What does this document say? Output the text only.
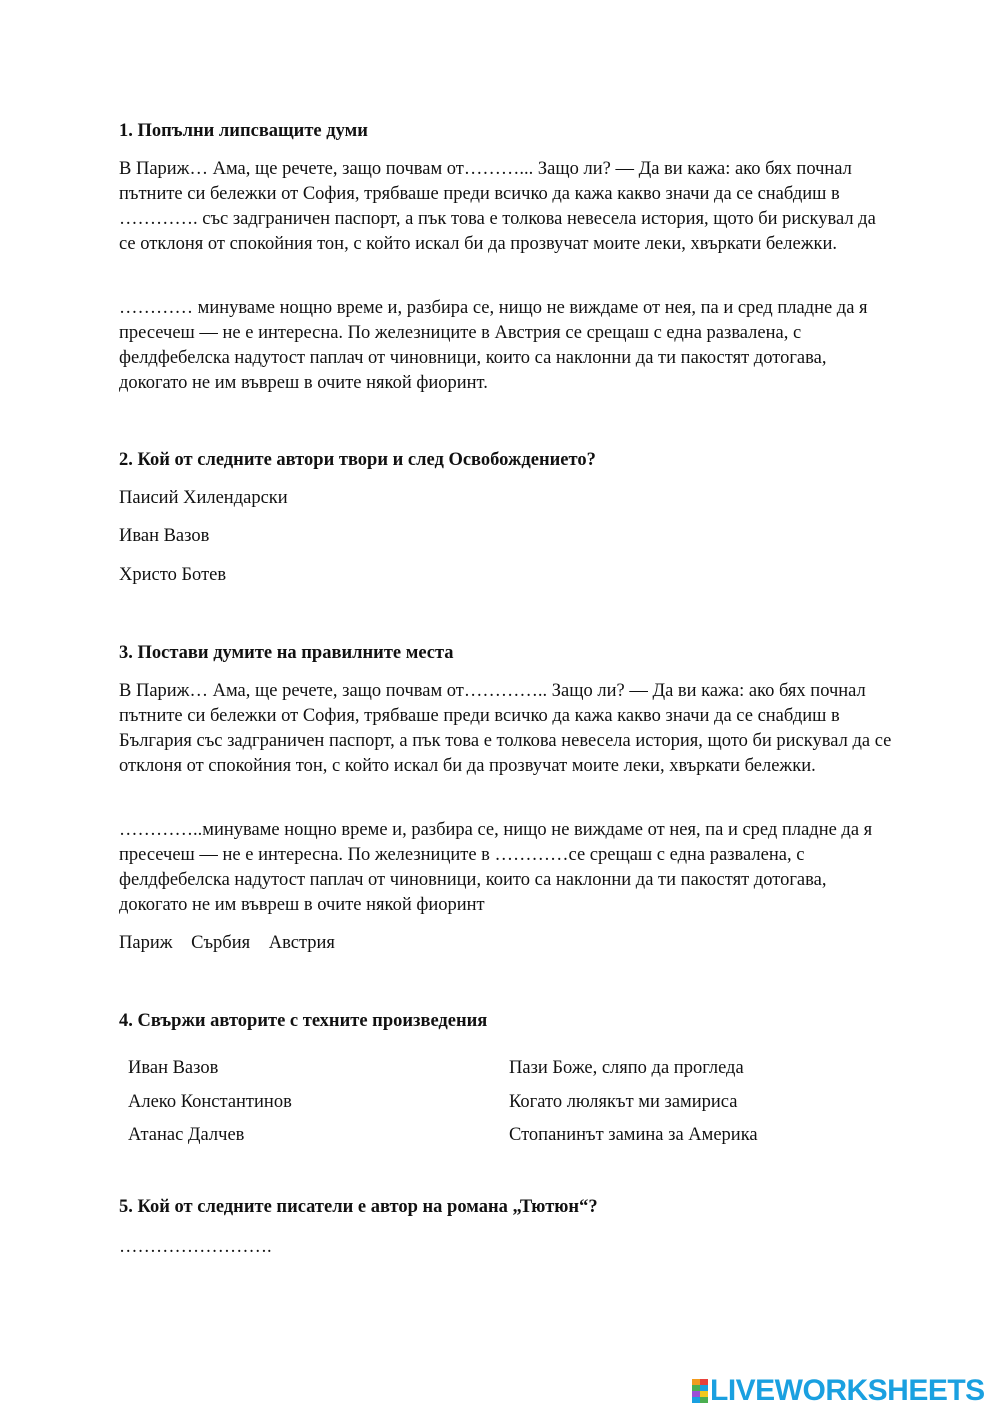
1. Попълни липсващите думи

В Париж… Ама, ще речете, защо почвам от………... Защо ли? — Да ви кажа: ако бях почнал пътните си бележки от София, трябваше преди всичко да кажа какво значи да се снабдиш в …………. със задграничен паспорт, а пък това е толкова невесела история, щото би рискувал да се отклоня от спокойния тон, с който искал би да прозвучат моите леки, хвъркати бележки.

………… минуваме нощно време и, разбира се, нищо не виждаме от нея, па и сред пладне да я пресечеш — не е интересна. По железниците в Австрия се срещаш с една развалена, с фелдфебелска надутост паплач от чиновници, които са наклонни да ти пакостят дотогава, докогато не им въвреш в очите някой фиоринт.

2. Кой от следните автори твори и след Освобождението?
Паисий Хилендарски
Иван Вазов
Христо Ботев
3. Постави думите на правилните места

В Париж… Ама, ще речете, защо почвам от………….. Защо ли? — Да ви кажа: ако бях почнал пътните си бележки от София, трябваше преди всичко да кажа какво значи да се снабдиш в България със задграничен паспорт, а пък това е толкова невесела история, щото би рискувал да се отклоня от спокойния тон, с който искал би да прозвучат моите леки, хвъркати бележки.

…………..минуваме нощно време и, разбира се, нищо не виждаме от нея, па и сред пладне да я пресечеш — не е интересна. По железниците в …………се срещаш с една развалена, с фелдфебелска надутост паплач от чиновници, които са наклонни да ти пакостят дотогава, докогато не им въвреш в очите някой фиоринт

Париж Сърбия Австрия
4. Свържи авторите с техните произведения
Иван Вазов
Алеко Константинов
Атанас Далчев
Пази Боже, сляпо да прогледа
Когато люлякът ми замириса
Стопанинът замина за Америка
5. Кой от следните писатели е автор на романа „Тютюн“?
…………………….
LIVEWORKSHEETS
